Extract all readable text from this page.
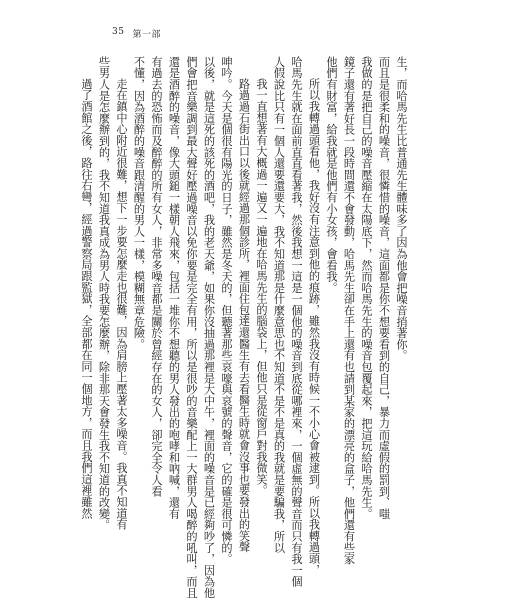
35 第一部
生，而哈馬先生比普通先生體味多了因為他會把噪音捎著你。
而且是很柔和的噪音，很憐惜的噪音，這面都是你不想要看到的自己，暴力而虛假的罰到、嗤
我做的是把自己的噪音壓縮在太陽底下，然而哈馬先生的噪音包覆起來，把這玩給哈馬先生。
鏡子還有著好長一段時間還不會發動，哈馬先生卻在手上還有也請到某家的漂亮的盒子，他們還有些家
他們有財富，給我就是他們有小女孩，會看我。
所以我轉過頭看他，我好沒有注意到他的痕跡，雖然我沒有時候一不小心會被逮到。所以我轉過頭，
哈馬先生就在面前直直看著我，然後我想一這是一個他的噪音到底從哪裡來，一個虛無的聲音而只有我一個
人假說比只有一個人還要還要大，我不知道那是什麼意思也不知道不是不是真的我就是要騙我，所以
我一直想著有大概過一遍又一遍地在哈馬先生的腦袋上，但他只是從窗戶對我微笑。
路過過石街出口以後就經過那個診所，裡面住包達還醫生有去看醫生時就會沒事也要發出的笑聲
呻吟。今天是個很有陽光的日子，雖然是冬天的，但聽著那些哀嚎與哀號的聲音，它的確是很可憐的。
以後，就是這死的該死的酒吧，我的老天爺，如果你沒抽過那裡是大中午，裡面的噪音是已經夠吵了，因為他
們會把音樂調到最大聲好壓過噪音以免你要是完全有用，所以是很吵的音樂配上一大群男人喝醉的吼叫，而且
還是酒醉的噪音，像大頭鎚一樣朝人飛來，包括一堆你不想聽的男人發出的咆哮和吶喊，還有
有過去的恐怖而及醉醉的所有女人，非常多噪音都是關於曾經存在的女人，卻完全令人看
不懂，因為酒醉的噪音跟清醒的男人一樣，模糊無章危險。
走在鎮中心附近很難，想下一步要怎麼走也很難，因為肩膀上壓著太多噪音。我真不知道有
些男人是怎麼辦到的，我不知道我真成為男人時我要怎麼辦，除非那天會發生我不知道的改變。
過了酒館之後，路往右彎，經過警察局跟監獄，全部都在同一個地方，而且我們這裡雖然
